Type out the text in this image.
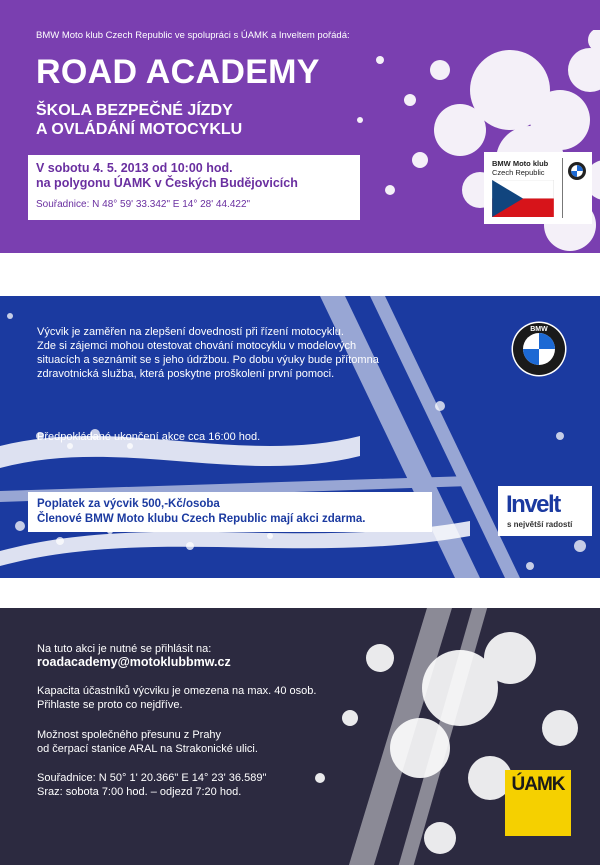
BMW Moto klub Czech Republic ve spolupráci s ÚAMK a Inveltem pořádá:
ROAD ACADEMY
ŠKOLA BEZPEČNÉ JÍZDY
A OVLÁDÁNÍ MOTOCYKLU
V sobotu 4. 5. 2013 od 10:00 hod.
na polygonu ÚAMK v Českých Budějovicích
Souřadnice: N 48° 59' 33.342" E 14° 28' 44.422"
BMW Moto klub
Czech Republic
Výcvik je zaměřen na zlepšení dovedností při řízení motocyklu.
Zde si zájemci mohou otestovat chování motocyklu v modelových
situacích a seznámit se s jeho údržbou. Po dobu výuky bude přítomna
zdravotnická služba, která poskytne proškolení první pomoci.
Předpokládané ukončení akce cca 16:00 hod.
BMW
Poplatek za výcvik 500,-Kč/osoba
Členové BMW Moto klubu Czech Republic mají akci zdarma.
Invelt
s největší radostí
Na tuto akci je nutné se přihlásit na:
roadacademy@motoklubbmw.cz
Kapacita účastníků výcviku je omezena na max. 40 osob.
Přihlaste se proto co nejdříve.
Možnost společného přesunu z Prahy
od čerpací stanice ARAL na Strakonické ulici.
Souřadnice: N 50° 1' 20.366" E 14° 23' 36.589"
Sraz: sobota 7:00 hod. – odjezd 7:20 hod.	ÚAMK
